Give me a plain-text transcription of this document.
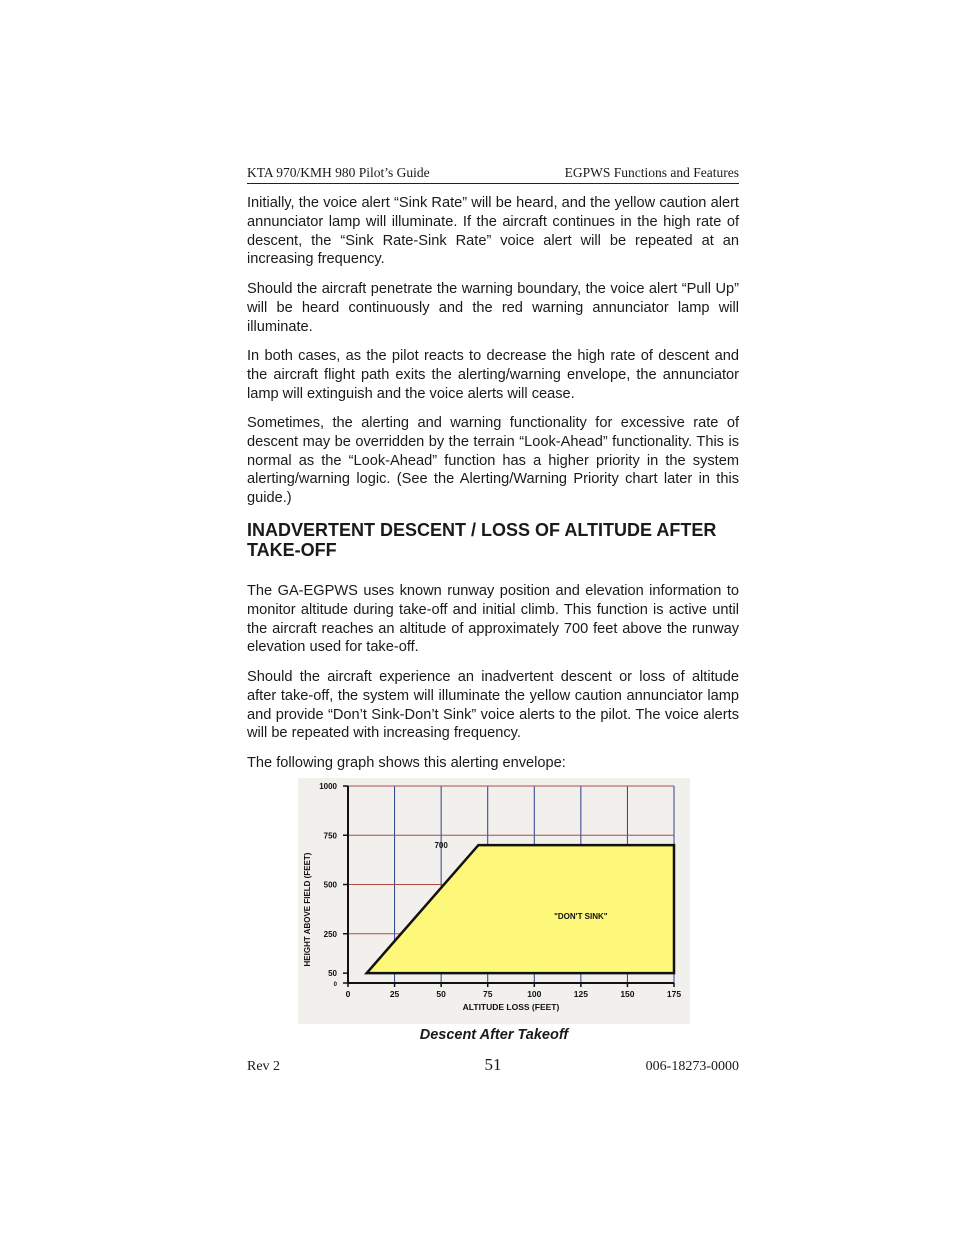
KTA 970/KMH 980 Pilot’s Guide	EGPWS Functions and Features

Initially, the voice alert “Sink Rate” will be heard, and the yellow caution alert annunciator lamp will illuminate. If the aircraft continues in the high rate of descent, the “Sink Rate-Sink Rate” voice alert will be repeated at an increasing frequency.

Should the aircraft penetrate the warning boundary, the voice alert “Pull Up” will be heard continuously and the red warning annunciator lamp will illuminate.

In both cases, as the pilot reacts to decrease the high rate of descent and the aircraft flight path exits the alerting/warning envelope, the annunciator lamp will extinguish and the voice alerts will cease.

Sometimes, the alerting and warning functionality for excessive rate of descent may be overridden by the terrain “Look-Ahead” functionality. This is normal as the “Look-Ahead” function has a higher priority in the system alerting/warning logic. (See the Alerting/Warning Priority chart later in this guide.)

INADVERTENT DESCENT / LOSS OF ALTITUDE AFTER TAKE-OFF

The GA-EGPWS uses known runway position and elevation information to monitor altitude during take-off and initial climb. This function is active until the aircraft reaches an altitude of approximately 700 feet above the runway elevation used for take-off.

Should the aircraft experience an inadvertent descent or loss of altitude after take-off, the system will illuminate the yellow caution annunciator lamp and provide “Don’t Sink-Don’t Sink” voice alerts to the pilot. The voice alerts will be repeated with increasing frequency.

The following graph shows this alerting envelope:

0	25	50	75	100	125	150	175
1000
750
500
250
50
0
"DON'T SINK"
700
ALTITUDE LOSS (FEET)
HEIGHT ABOVE FIELD (FEET)
Descent After Takeoff
Rev 2	51	006-18273-0000
